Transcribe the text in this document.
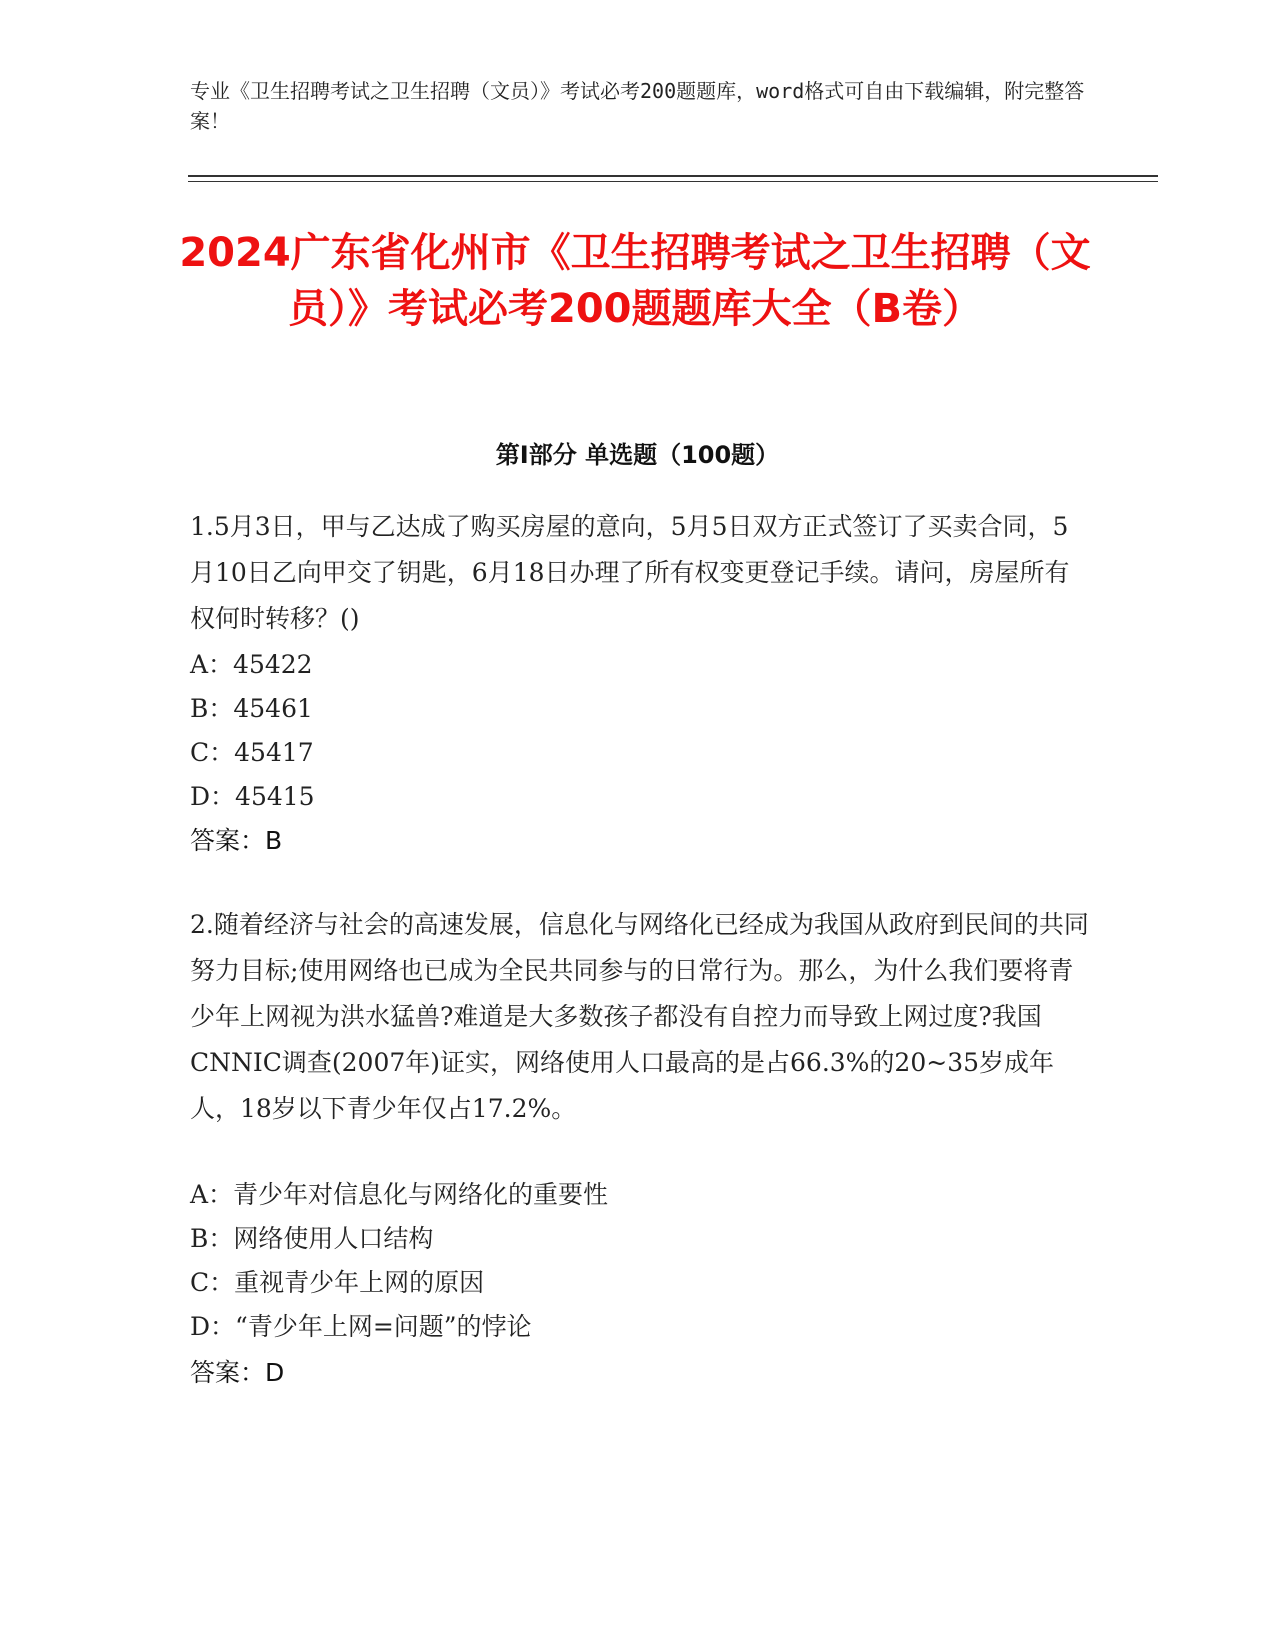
专业《卫生招聘考试之卫生招聘（文员）》考试必考200题题库，word格式可自由下载编辑，附完整答案！
2024广东省化州市《卫生招聘考试之卫生招聘（文员）》考试必考200题题库大全（B卷）
第I部分 单选题（100题）
1.5月3日，甲与乙达成了购买房屋的意向，5月5日双方正式签订了买卖合同，5月10日乙向甲交了钥匙，6月18日办理了所有权变更登记手续。请问，房屋所有权何时转移？()
A：45422
B：45461
C：45417
D：45415
答案：B
2.随着经济与社会的高速发展，信息化与网络化已经成为我国从政府到民间的共同努力目标;使用网络也已成为全民共同参与的日常行为。那么，为什么我们要将青少年上网视为洪水猛兽?难道是大多数孩子都没有自控力而导致上网过度?我国CNNIC调查(2007年)证实，网络使用人口最高的是占66.3%的20~35岁成年人，18岁以下青少年仅占17.2%。
A：青少年对信息化与网络化的重要性
B：网络使用人口结构
C：重视青少年上网的原因
D：“青少年上网=问题”的悖论
答案：D
